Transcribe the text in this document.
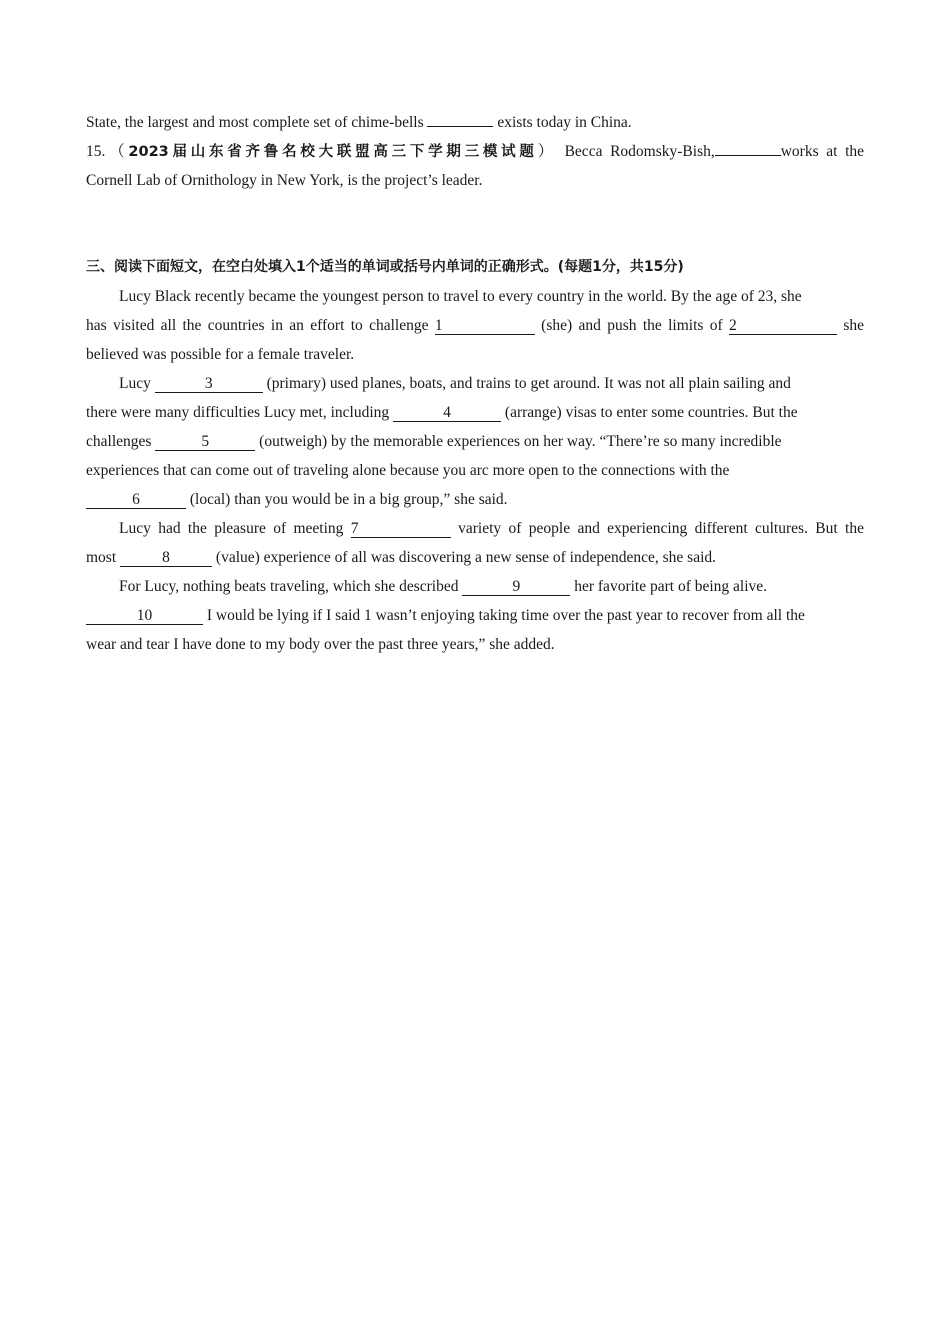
State, the largest and most complete set of chime-bells	exists today in China.
15.（2023届山东省齐鲁名校大联盟高三下学期三模试题） Becca Rodomsky-Bish,	works at the
Cornell Lab of Ornithology in New York, is the project’s leader.
三、阅读下面短文，在空白处填入1个适当的单词或括号内单词的正确形式。(每题1分，共15分)
Lucy Black recently became the youngest person to travel to every country in the world. By the age of 23, she
has visited all the countries in an effort to challenge 1	(she) and push the limits of 2	she
believed was possible for a female traveler.
Lucy	3	(primary) used planes, boats, and trains to get around. It was not all plain sailing and
there were many difficulties Lucy met, including	4	(arrange) visas to enter some countries. But the
challenges	5	(outweigh) by the memorable experiences on her way. “There’re so many incredible
experiences that can come out of traveling alone because you arc more open to the connections with the
6	(local) than you would be in a big group,” she said.
Lucy had the pleasure of meeting 7	variety of people and experiencing different cultures. But the
most	8	(value) experience of all was discovering a new sense of independence, she said.
For Lucy, nothing beats traveling, which she described	9	her favorite part of being alive.
10	I would be lying if I said 1 wasn’t enjoying taking time over the past year to recover from all the
wear and tear I have done to my body over the past three years,” she added.
